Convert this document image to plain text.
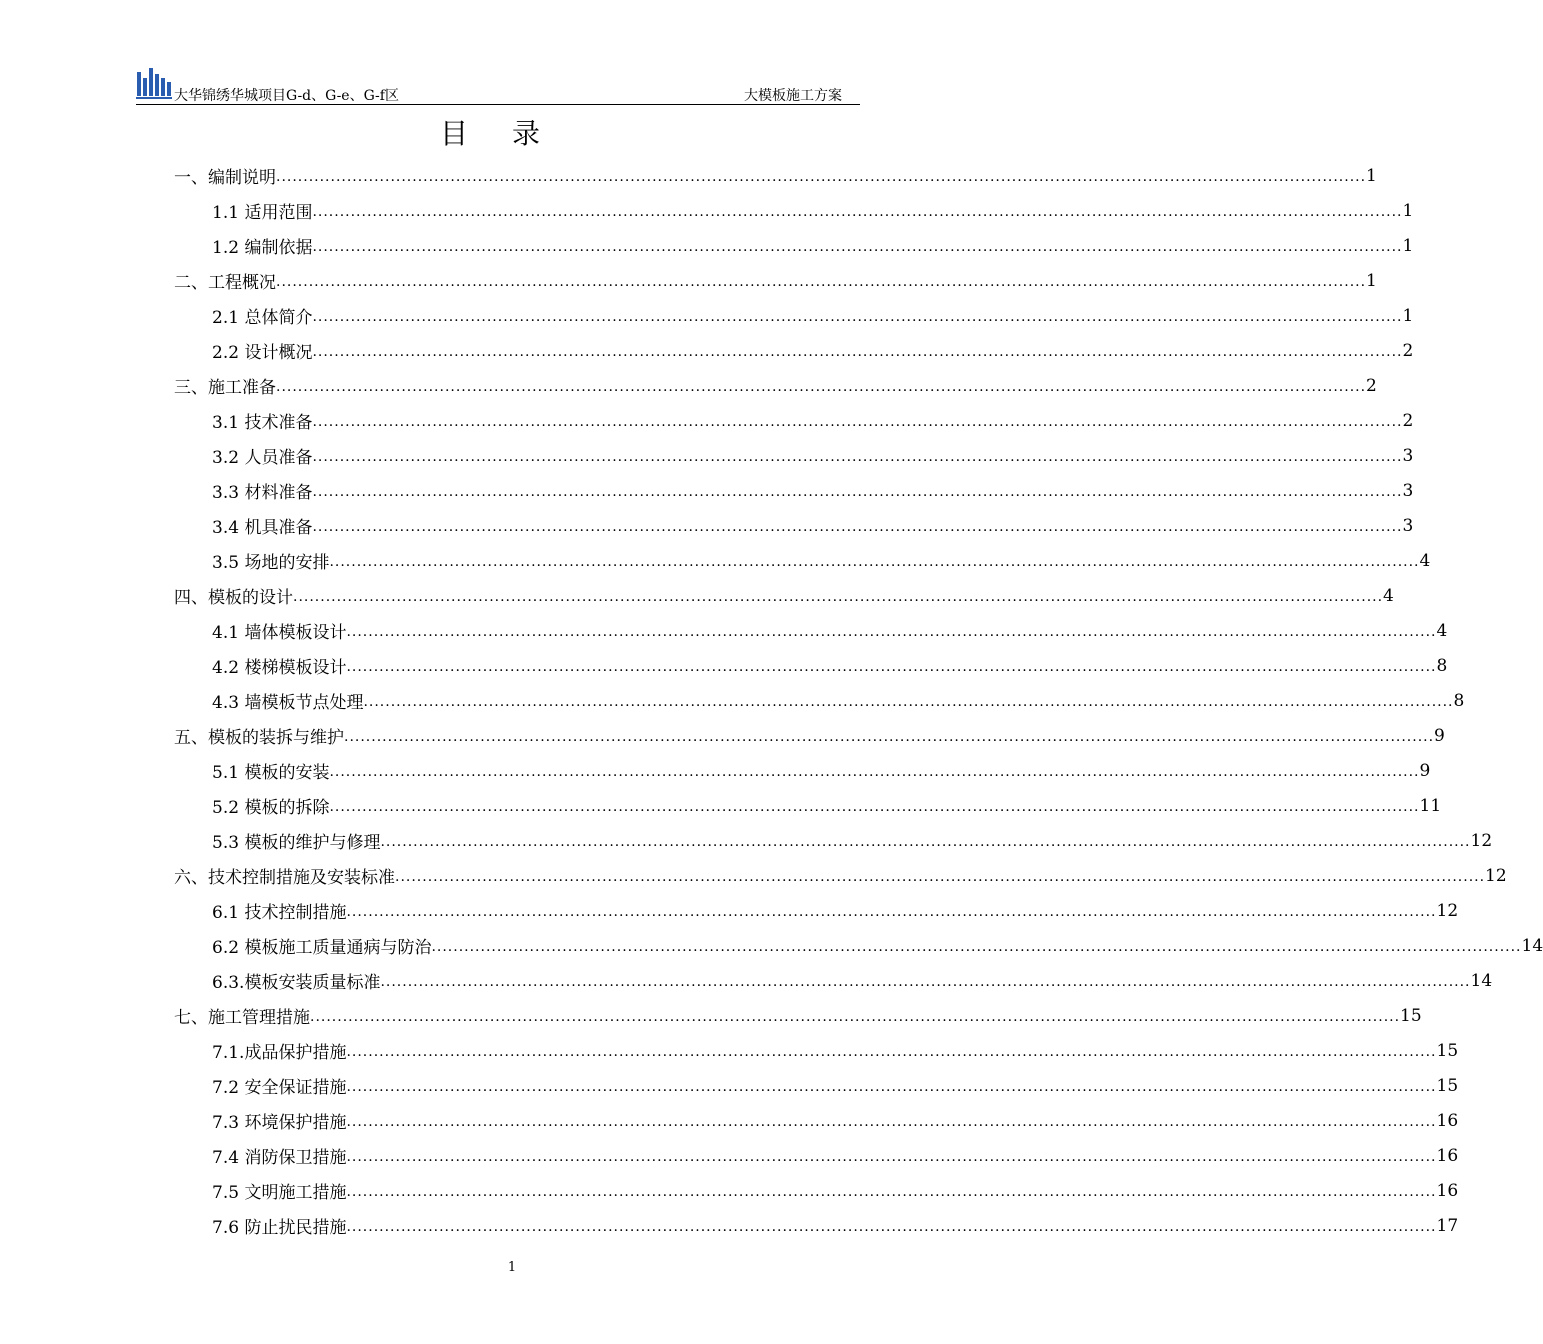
大华锦绣华城项目G-d、G-e、G-f区	大模板施工方案
目录
一、编制说明 ........................................................................................................................................................................................................ 1
1.1 适用范围 ........................................................................................................................................................................................................ 1
1.2 编制依据 ........................................................................................................................................................................................................ 1
二、工程概况 ........................................................................................................................................................................................................ 1
2.1 总体简介 ........................................................................................................................................................................................................ 1
2.2 设计概况 ........................................................................................................................................................................................................ 2
三、施工准备 ........................................................................................................................................................................................................ 2
3.1 技术准备 ........................................................................................................................................................................................................ 2
3.2 人员准备 ........................................................................................................................................................................................................ 3
3.3 材料准备 ........................................................................................................................................................................................................ 3
3.4 机具准备 ........................................................................................................................................................................................................ 3
3.5 场地的安排 ........................................................................................................................................................................................................ 4
四、模板的设计 ........................................................................................................................................................................................................ 4
4.1 墙体模板设计 ........................................................................................................................................................................................................ 4
4.2 楼梯模板设计 ........................................................................................................................................................................................................ 8
4.3 墙模板节点处理 ........................................................................................................................................................................................................ 8
五、模板的装拆与维护 ........................................................................................................................................................................................................ 9
5.1 模板的安装 ........................................................................................................................................................................................................ 9
5.2 模板的拆除 ........................................................................................................................................................................................................ 11
5.3 模板的维护与修理 ........................................................................................................................................................................................................ 12
六、技术控制措施及安装标准 ........................................................................................................................................................................................................ 12
6.1 技术控制措施 ........................................................................................................................................................................................................ 12
6.2 模板施工质量通病与防治 ........................................................................................................................................................................................................ 14
6.3.模板安装质量标准 ........................................................................................................................................................................................................ 14
七、施工管理措施 ........................................................................................................................................................................................................ 15
7.1.成品保护措施 ........................................................................................................................................................................................................ 15
7.2 安全保证措施 ........................................................................................................................................................................................................ 15
7.3 环境保护措施 ........................................................................................................................................................................................................ 16
7.4 消防保卫措施 ........................................................................................................................................................................................................ 16
7.5 文明施工措施 ........................................................................................................................................................................................................ 16
7.6 防止扰民措施 ........................................................................................................................................................................................................ 17
1
